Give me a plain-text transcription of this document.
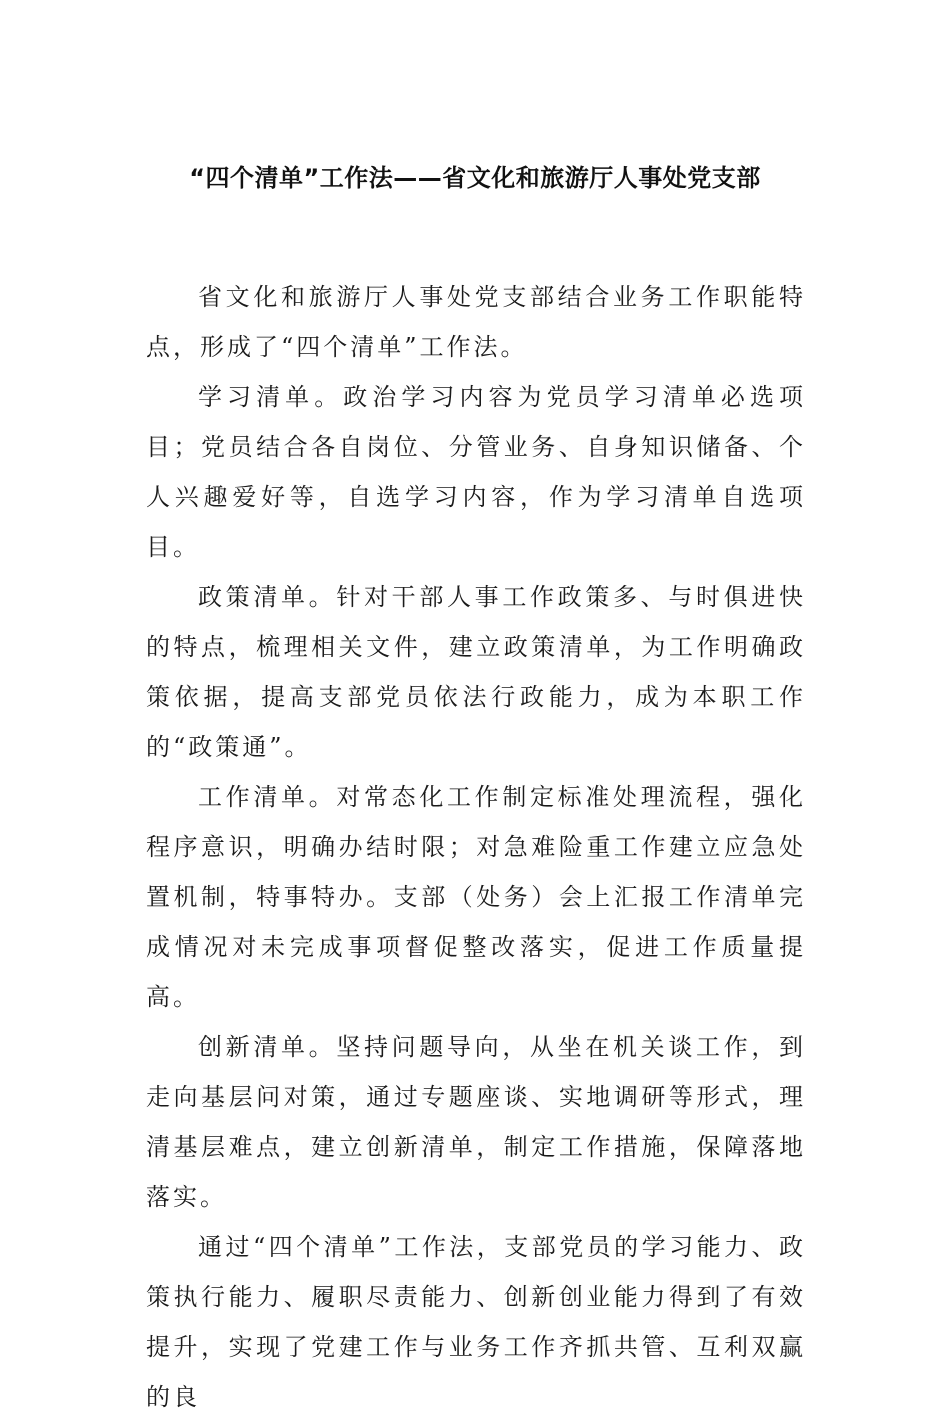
“四个清单”工作法——省文化和旅游厅人事处党支部

省文化和旅游厅人事处党支部结合业务工作职能特点，形成了“四个清单”工作法。

学习清单。政治学习内容为党员学习清单必选项目；党员结合各自岗位、分管业务、自身知识储备、个人兴趣爱好等，自选学习内容，作为学习清单自选项目。

政策清单。针对干部人事工作政策多、与时俱进快的特点，梳理相关文件，建立政策清单，为工作明确政策依据，提高支部党员依法行政能力，成为本职工作的“政策通”。

工作清单。对常态化工作制定标准处理流程，强化程序意识，明确办结时限；对急难险重工作建立应急处置机制，特事特办。支部（处务）会上汇报工作清单完成情况对未完成事项督促整改落实，促进工作质量提高。

创新清单。坚持问题导向，从坐在机关谈工作，到走向基层问对策，通过专题座谈、实地调研等形式，理清基层难点，建立创新清单，制定工作措施，保障落地落实。

通过“四个清单”工作法，支部党员的学习能力、政策执行能力、履职尽责能力、创新创业能力得到了有效提升，实现了党建工作与业务工作齐抓共管、互利双赢的良
